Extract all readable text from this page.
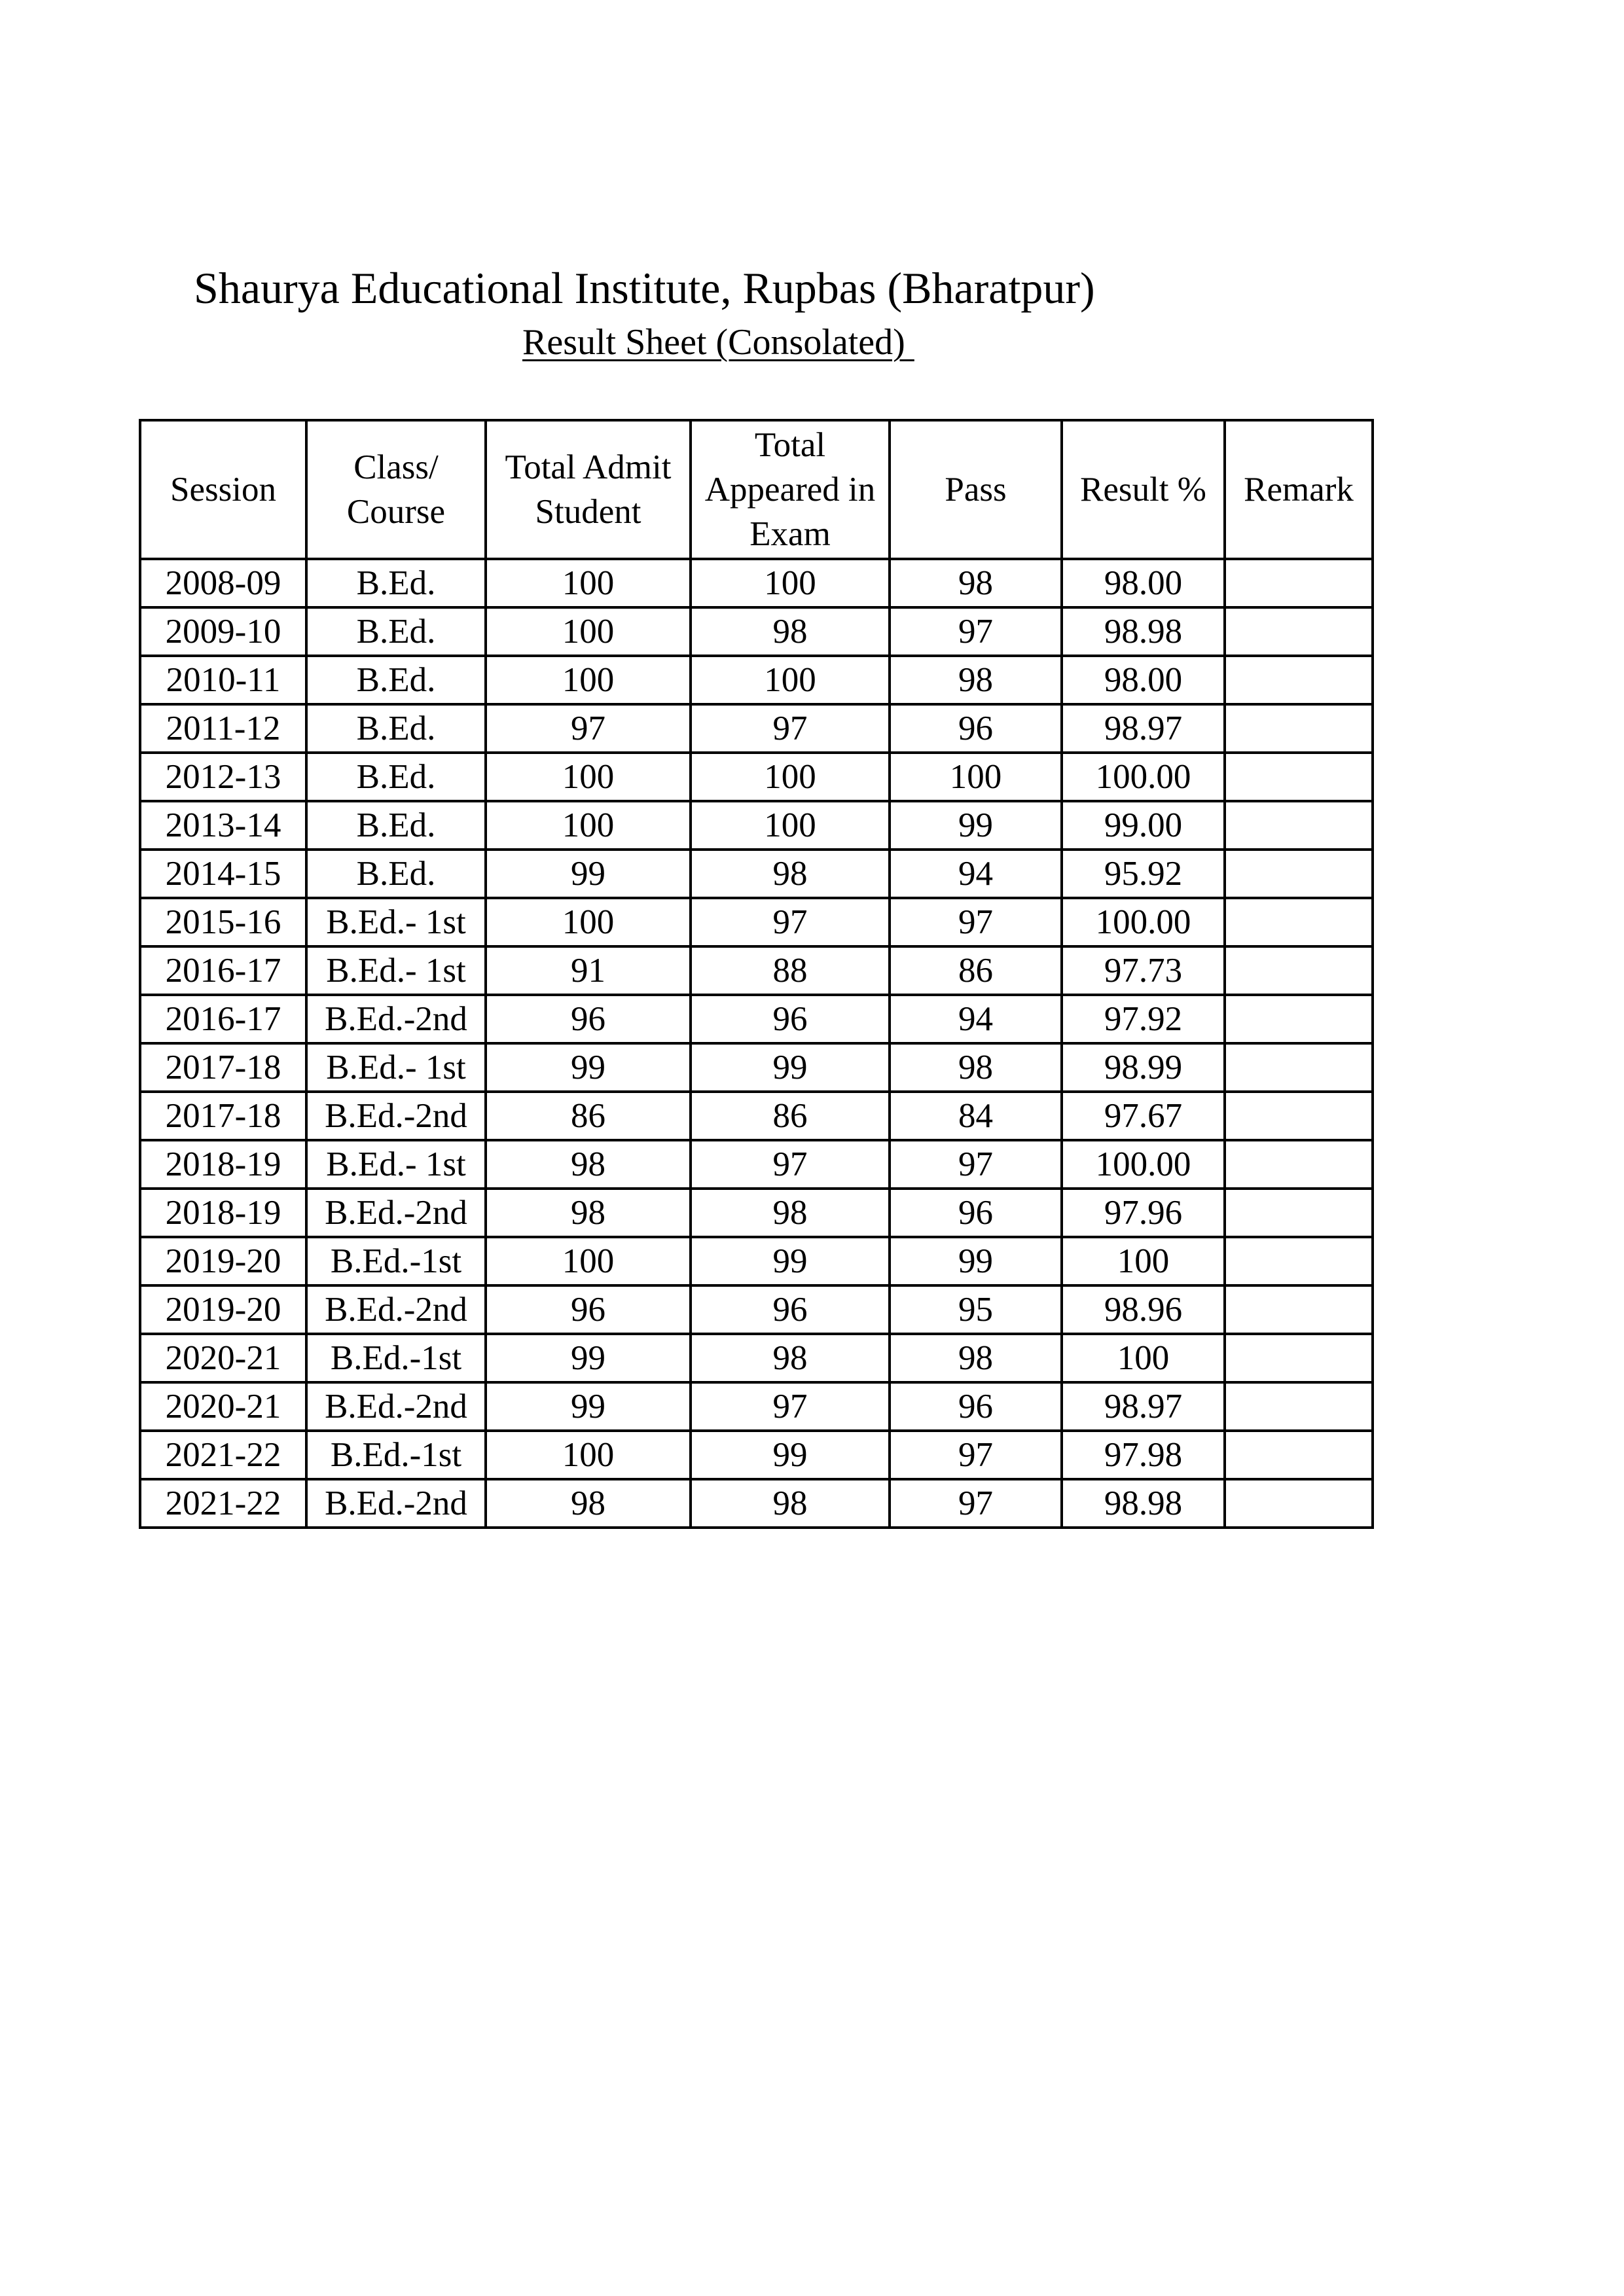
Shaurya Educational Institute, Rupbas (Bharatpur)
Result Sheet (Consolated)
Session	Class/ Course	Total Admit Student	Total Appeared in Exam	Pass	Result %	Remark
2008-09	B.Ed.	100	100	98	98.00	
2009-10	B.Ed.	100	98	97	98.98	
2010-11	B.Ed.	100	100	98	98.00	
2011-12	B.Ed.	97	97	96	98.97	
2012-13	B.Ed.	100	100	100	100.00	
2013-14	B.Ed.	100	100	99	99.00	
2014-15	B.Ed.	99	98	94	95.92	
2015-16	B.Ed.- 1st	100	97	97	100.00	
2016-17	B.Ed.- 1st	91	88	86	97.73	
2016-17	B.Ed.-2nd	96	96	94	97.92	
2017-18	B.Ed.- 1st	99	99	98	98.99	
2017-18	B.Ed.-2nd	86	86	84	97.67	
2018-19	B.Ed.- 1st	98	97	97	100.00	
2018-19	B.Ed.-2nd	98	98	96	97.96	
2019-20	B.Ed.-1st	100	99	99	100	
2019-20	B.Ed.-2nd	96	96	95	98.96	
2020-21	B.Ed.-1st	99	98	98	100	
2020-21	B.Ed.-2nd	99	97	96	98.97	
2021-22	B.Ed.-1st	100	99	97	97.98	
2021-22	B.Ed.-2nd	98	98	97	98.98	
